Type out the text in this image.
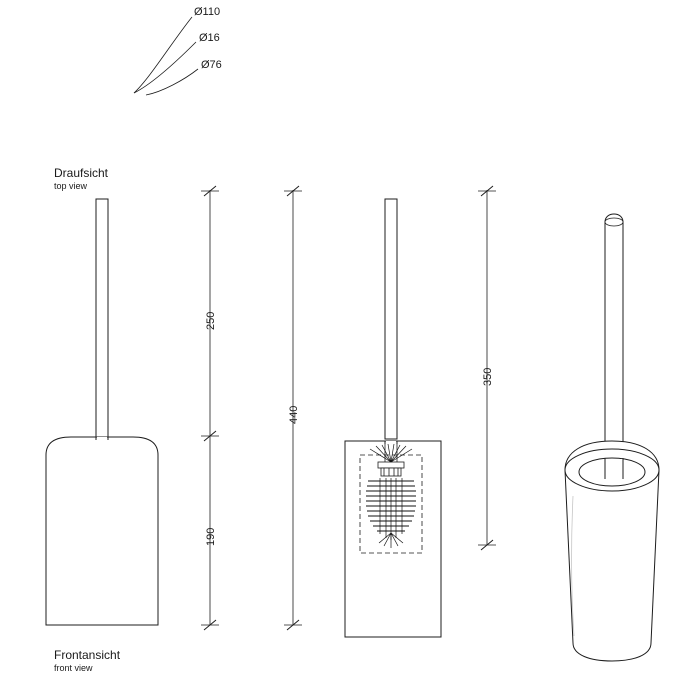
Ø110
Ø16
Ø76
Draufsicht
top view
Frontansicht
front view
250
190
440
350
